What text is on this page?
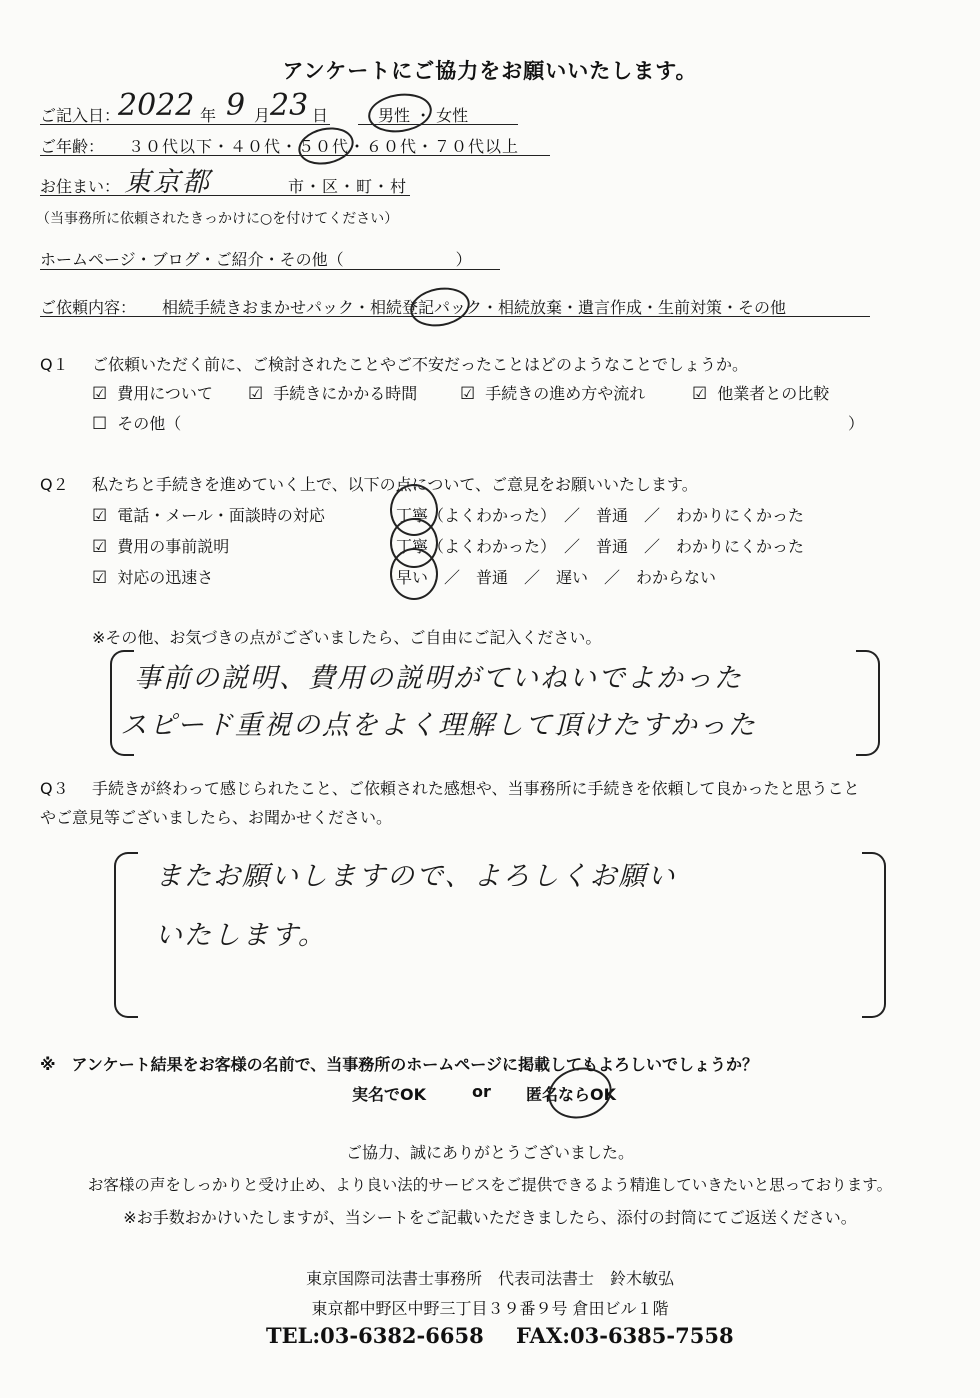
アンケートにご協力をお願いいたします。
ご記入日：
2022 年 9 月 23 日	男性 ・ 女性
ご年齢： ３０代以下・４０代・５０代・６０代・７０代以上
お住まい： 東京都	市・区・町・村
（当事務所に依頼されたきっかけに○を付けてください）
ホームページ・ブログ・ご紹介・その他（　　　　　　　）
ご依頼内容： 相続手続きおまかせパック・相続登記パック・相続放棄・遺言作成・生前対策・その他
Q１ ご依頼いただく前に、ご検討されたことやご不安だったことはどのようなことでしょうか。
☑ 費用について ☑ 手続きにかかる時間	☑ 手続きの進め方や流れ	☑ 他業者との比較
☐ その他（	）
Q２ 私たちと手続きを進めていく上で、以下の点について、ご意見をお願いいたします。
☑ 電話・メール・面談時の対応	丁寧（よくわかった）　／　普通　／　わかりにくかった
☑ 費用の事前説明	丁寧（よくわかった）　／　普通　／　わかりにくかった
☑ 対応の迅速さ	早い　／　普通　／　遅い　／　わからない
※その他、お気づきの点がございましたら、ご自由にご記入ください。
事前の説明、費用の説明がていねいでよかった
スピード重視の点をよく理解して頂けたすかった
Q３ 手続きが終わって感じられたこと、ご依頼された感想や、当事務所に手続きを依頼して良かったと思うこと
やご意見等ございましたら、お聞かせください。
またお願いしますので、よろしくお願い
いたします。
※　アンケート結果をお客様の名前で、当事務所のホームページに掲載してもよろしいでしょうか？
実名でOK	or 匿名ならOK
ご協力、誠にありがとうございました。
お客様の声をしっかりと受け止め、より良い法的サービスをご提供できるよう精進していきたいと思っております。
※お手数おかけいたしますが、当シートをご記載いただきましたら、添付の封筒にてご返送ください。
東京国際司法書士事務所　代表司法書士　鈴木敏弘
東京都中野区中野三丁目３９番９号 倉田ビル１階
TEL:03-6382-6658 FAX:03-6385-7558
